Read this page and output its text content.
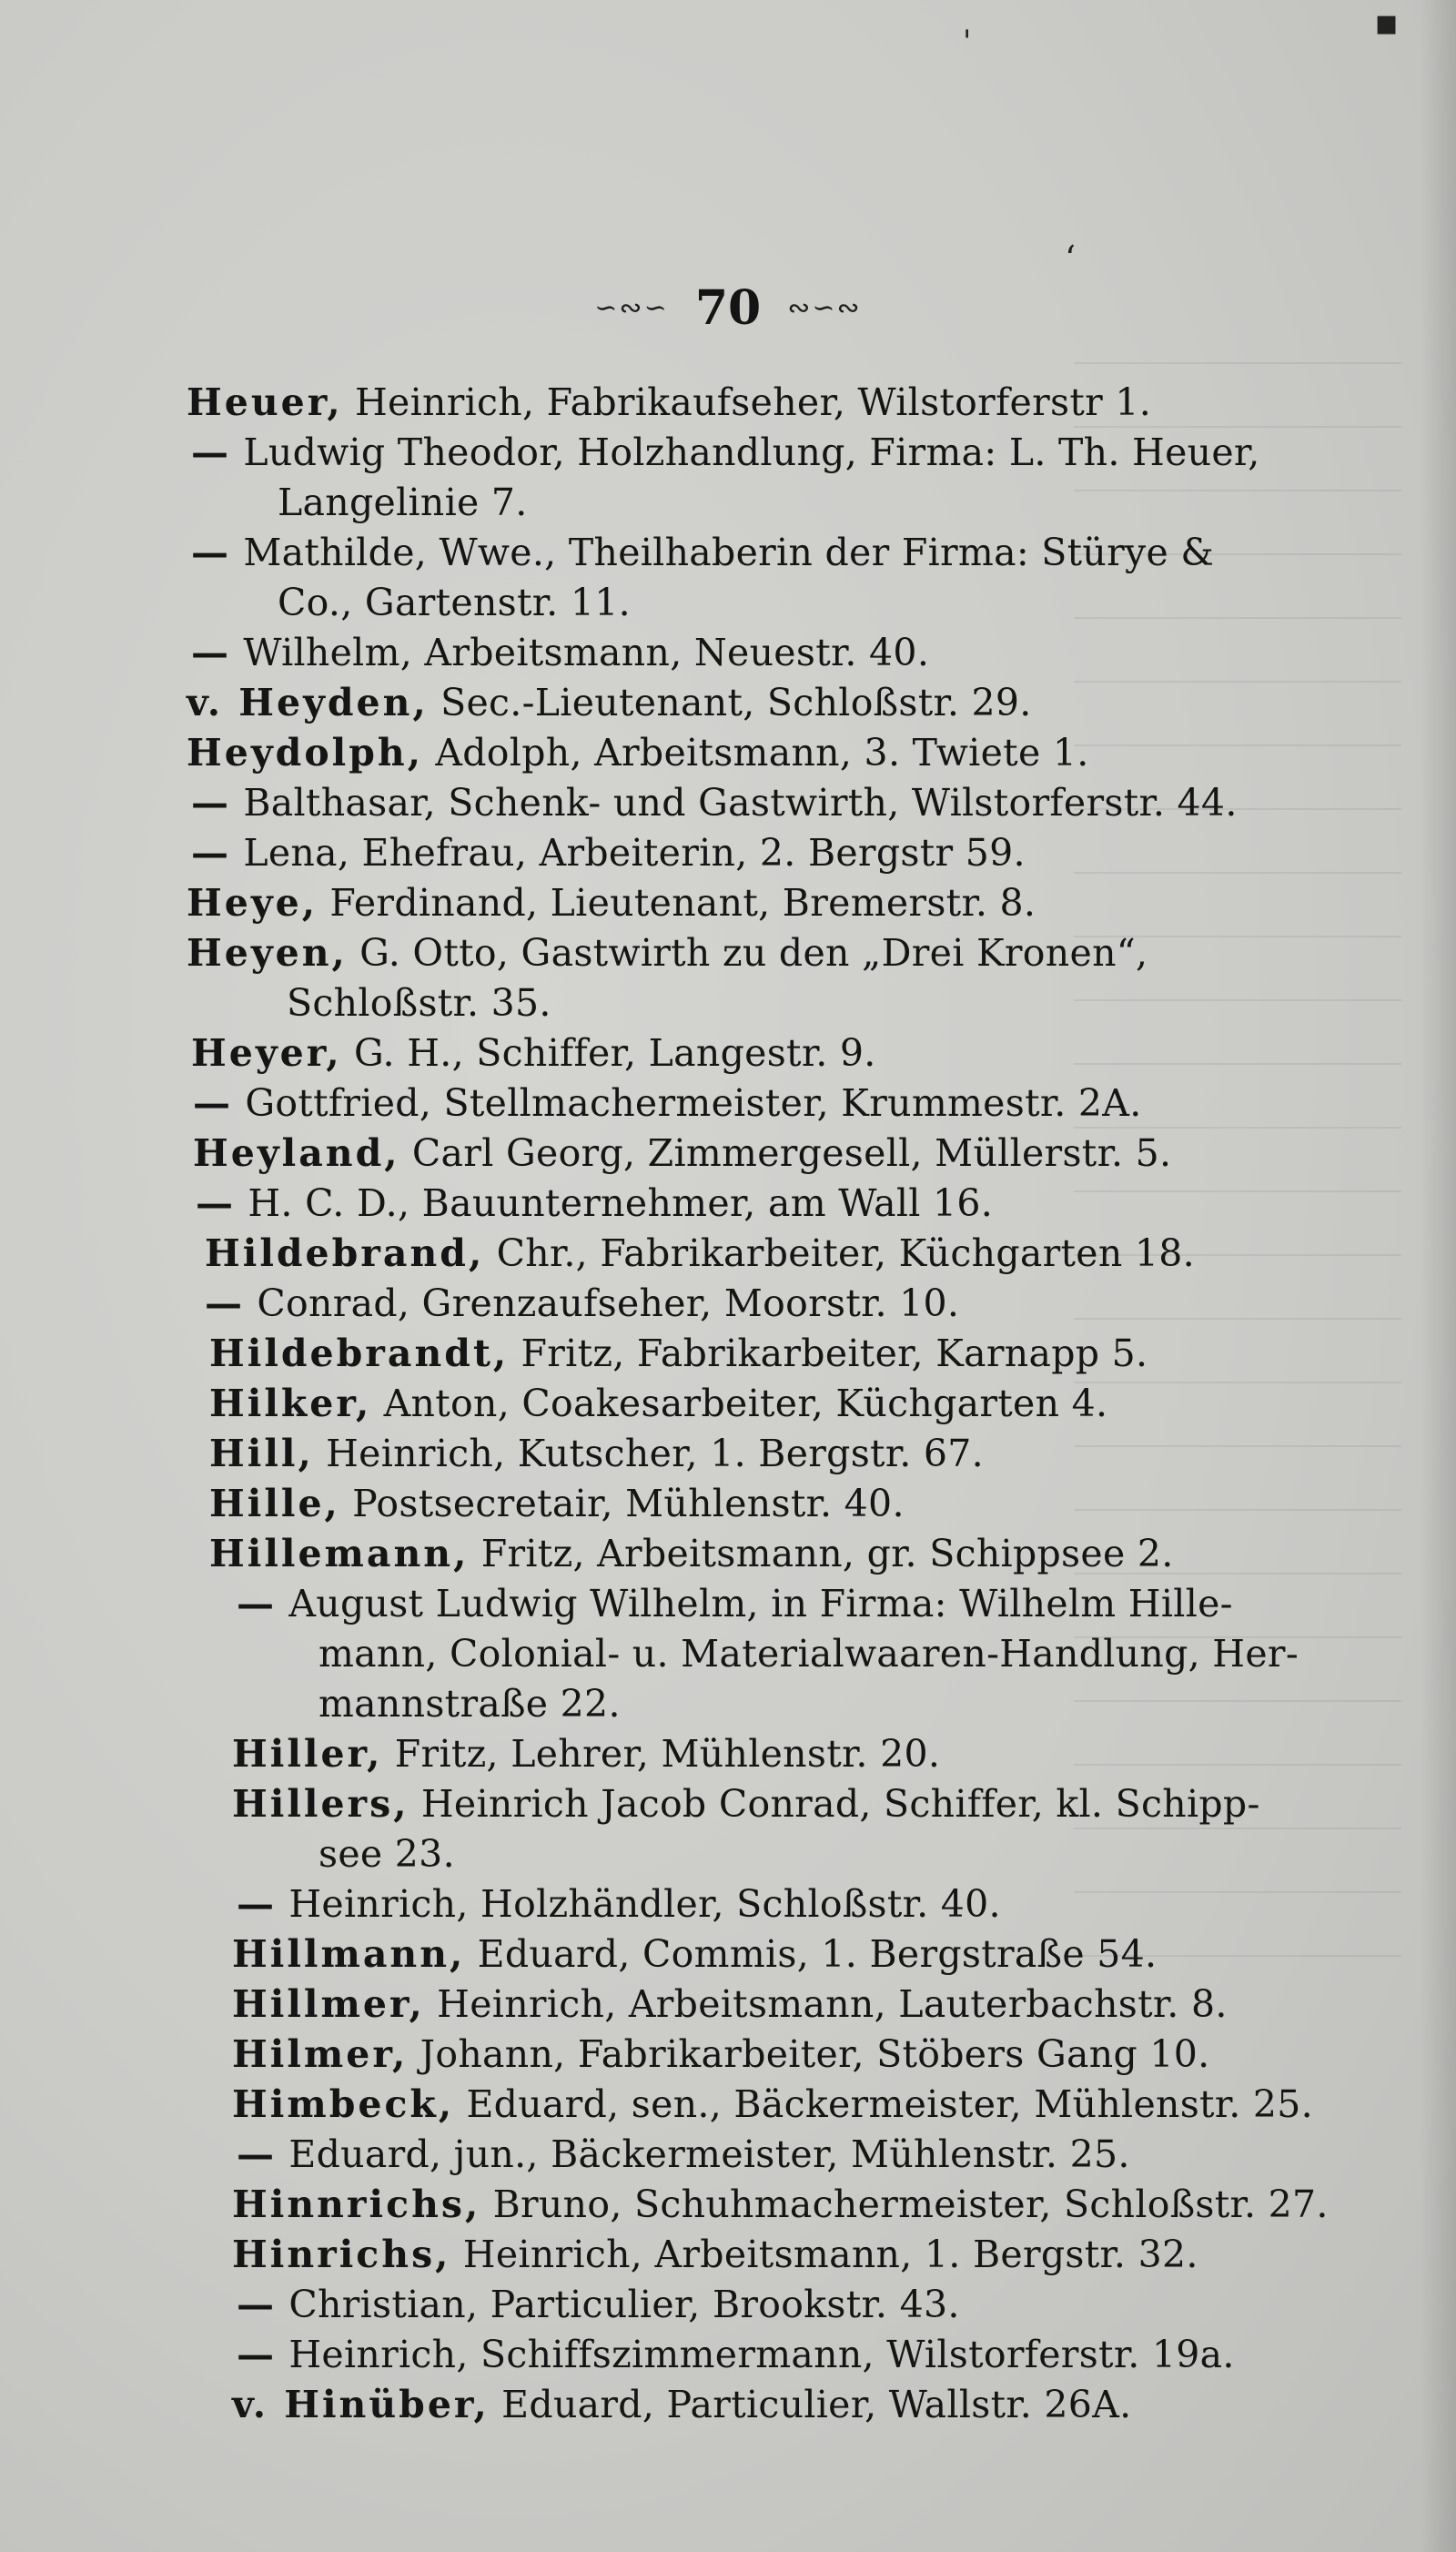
'	▪
‘
∽∾∽ 70 ∾∽∾
Heuer, Heinrich, Fabrikaufseher, Wilstorferstr 1.
— Ludwig Theodor, Holzhandlung, Firma: L. Th. Heuer,
Langelinie 7.
— Mathilde, Wwe., Theilhaberin der Firma: Stürye &
Co., Gartenstr. 11.
— Wilhelm, Arbeitsmann, Neuestr. 40.
v. Heyden, Sec.-Lieutenant, Schloßstr. 29.
Heydolph, Adolph, Arbeitsmann, 3. Twiete 1.
— Balthasar, Schenk- und Gastwirth, Wilstorferstr. 44.
— Lena, Ehefrau, Arbeiterin, 2. Bergstr 59.
Heye, Ferdinand, Lieutenant, Bremerstr. 8.
Heyen, G. Otto, Gastwirth zu den „Drei Kronen“,
Schloßstr. 35.
Heyer, G. H., Schiffer, Langestr. 9.
— Gottfried, Stellmachermeister, Krummestr. 2A.
Heyland, Carl Georg, Zimmergesell, Müllerstr. 5.
— H. C. D., Bauunternehmer, am Wall 16.
Hildebrand, Chr., Fabrikarbeiter, Küchgarten 18.
— Conrad, Grenzaufseher, Moorstr. 10.
Hildebrandt, Fritz, Fabrikarbeiter, Karnapp 5.
Hilker, Anton, Coakesarbeiter, Küchgarten 4.
Hill, Heinrich, Kutscher, 1. Bergstr. 67.
Hille, Postsecretair, Mühlenstr. 40.
Hillemann, Fritz, Arbeitsmann, gr. Schippsee 2.
— August Ludwig Wilhelm, in Firma: Wilhelm Hille-
mann, Colonial- u. Materialwaaren-Handlung, Her-
mannstraße 22.
Hiller, Fritz, Lehrer, Mühlenstr. 20.
Hillers, Heinrich Jacob Conrad, Schiffer, kl. Schipp-
see 23.
— Heinrich, Holzhändler, Schloßstr. 40.
Hillmann, Eduard, Commis, 1. Bergstraße 54.
Hillmer, Heinrich, Arbeitsmann, Lauterbachstr. 8.
Hilmer, Johann, Fabrikarbeiter, Stöbers Gang 10.
Himbeck, Eduard, sen., Bäckermeister, Mühlenstr. 25.
— Eduard, jun., Bäckermeister, Mühlenstr. 25.
Hinnrichs, Bruno, Schuhmachermeister, Schloßstr. 27.
Hinrichs, Heinrich, Arbeitsmann, 1. Bergstr. 32.
— Christian, Particulier, Brookstr. 43.
— Heinrich, Schiffszimmermann, Wilstorferstr. 19a.
v. Hinüber, Eduard, Particulier, Wallstr. 26A.
